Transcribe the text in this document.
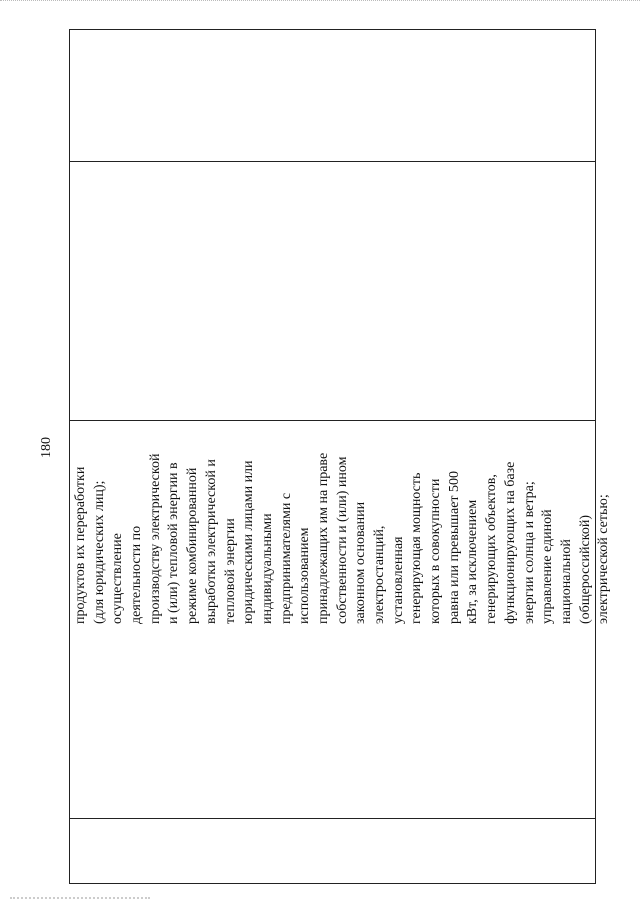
180
продуктов их переработки (для юридических лиц); осуществление деятельности по производству электрической и (или) тепловой энергии в режиме комбинированной выработки электрической и тепловой энергии юридическими лицами или индивидуальными предпринимателями с использованием принадлежащих им на праве собственности и (или) ином законном основании электростанций, установленная генерирующая мощность которых в совокупности равна или превышает 500 кВт, за исключением генерирующих объектов, функционирующих на базе энергии солнца и ветра; управление единой национальной (общероссийской) электрической сетью;
